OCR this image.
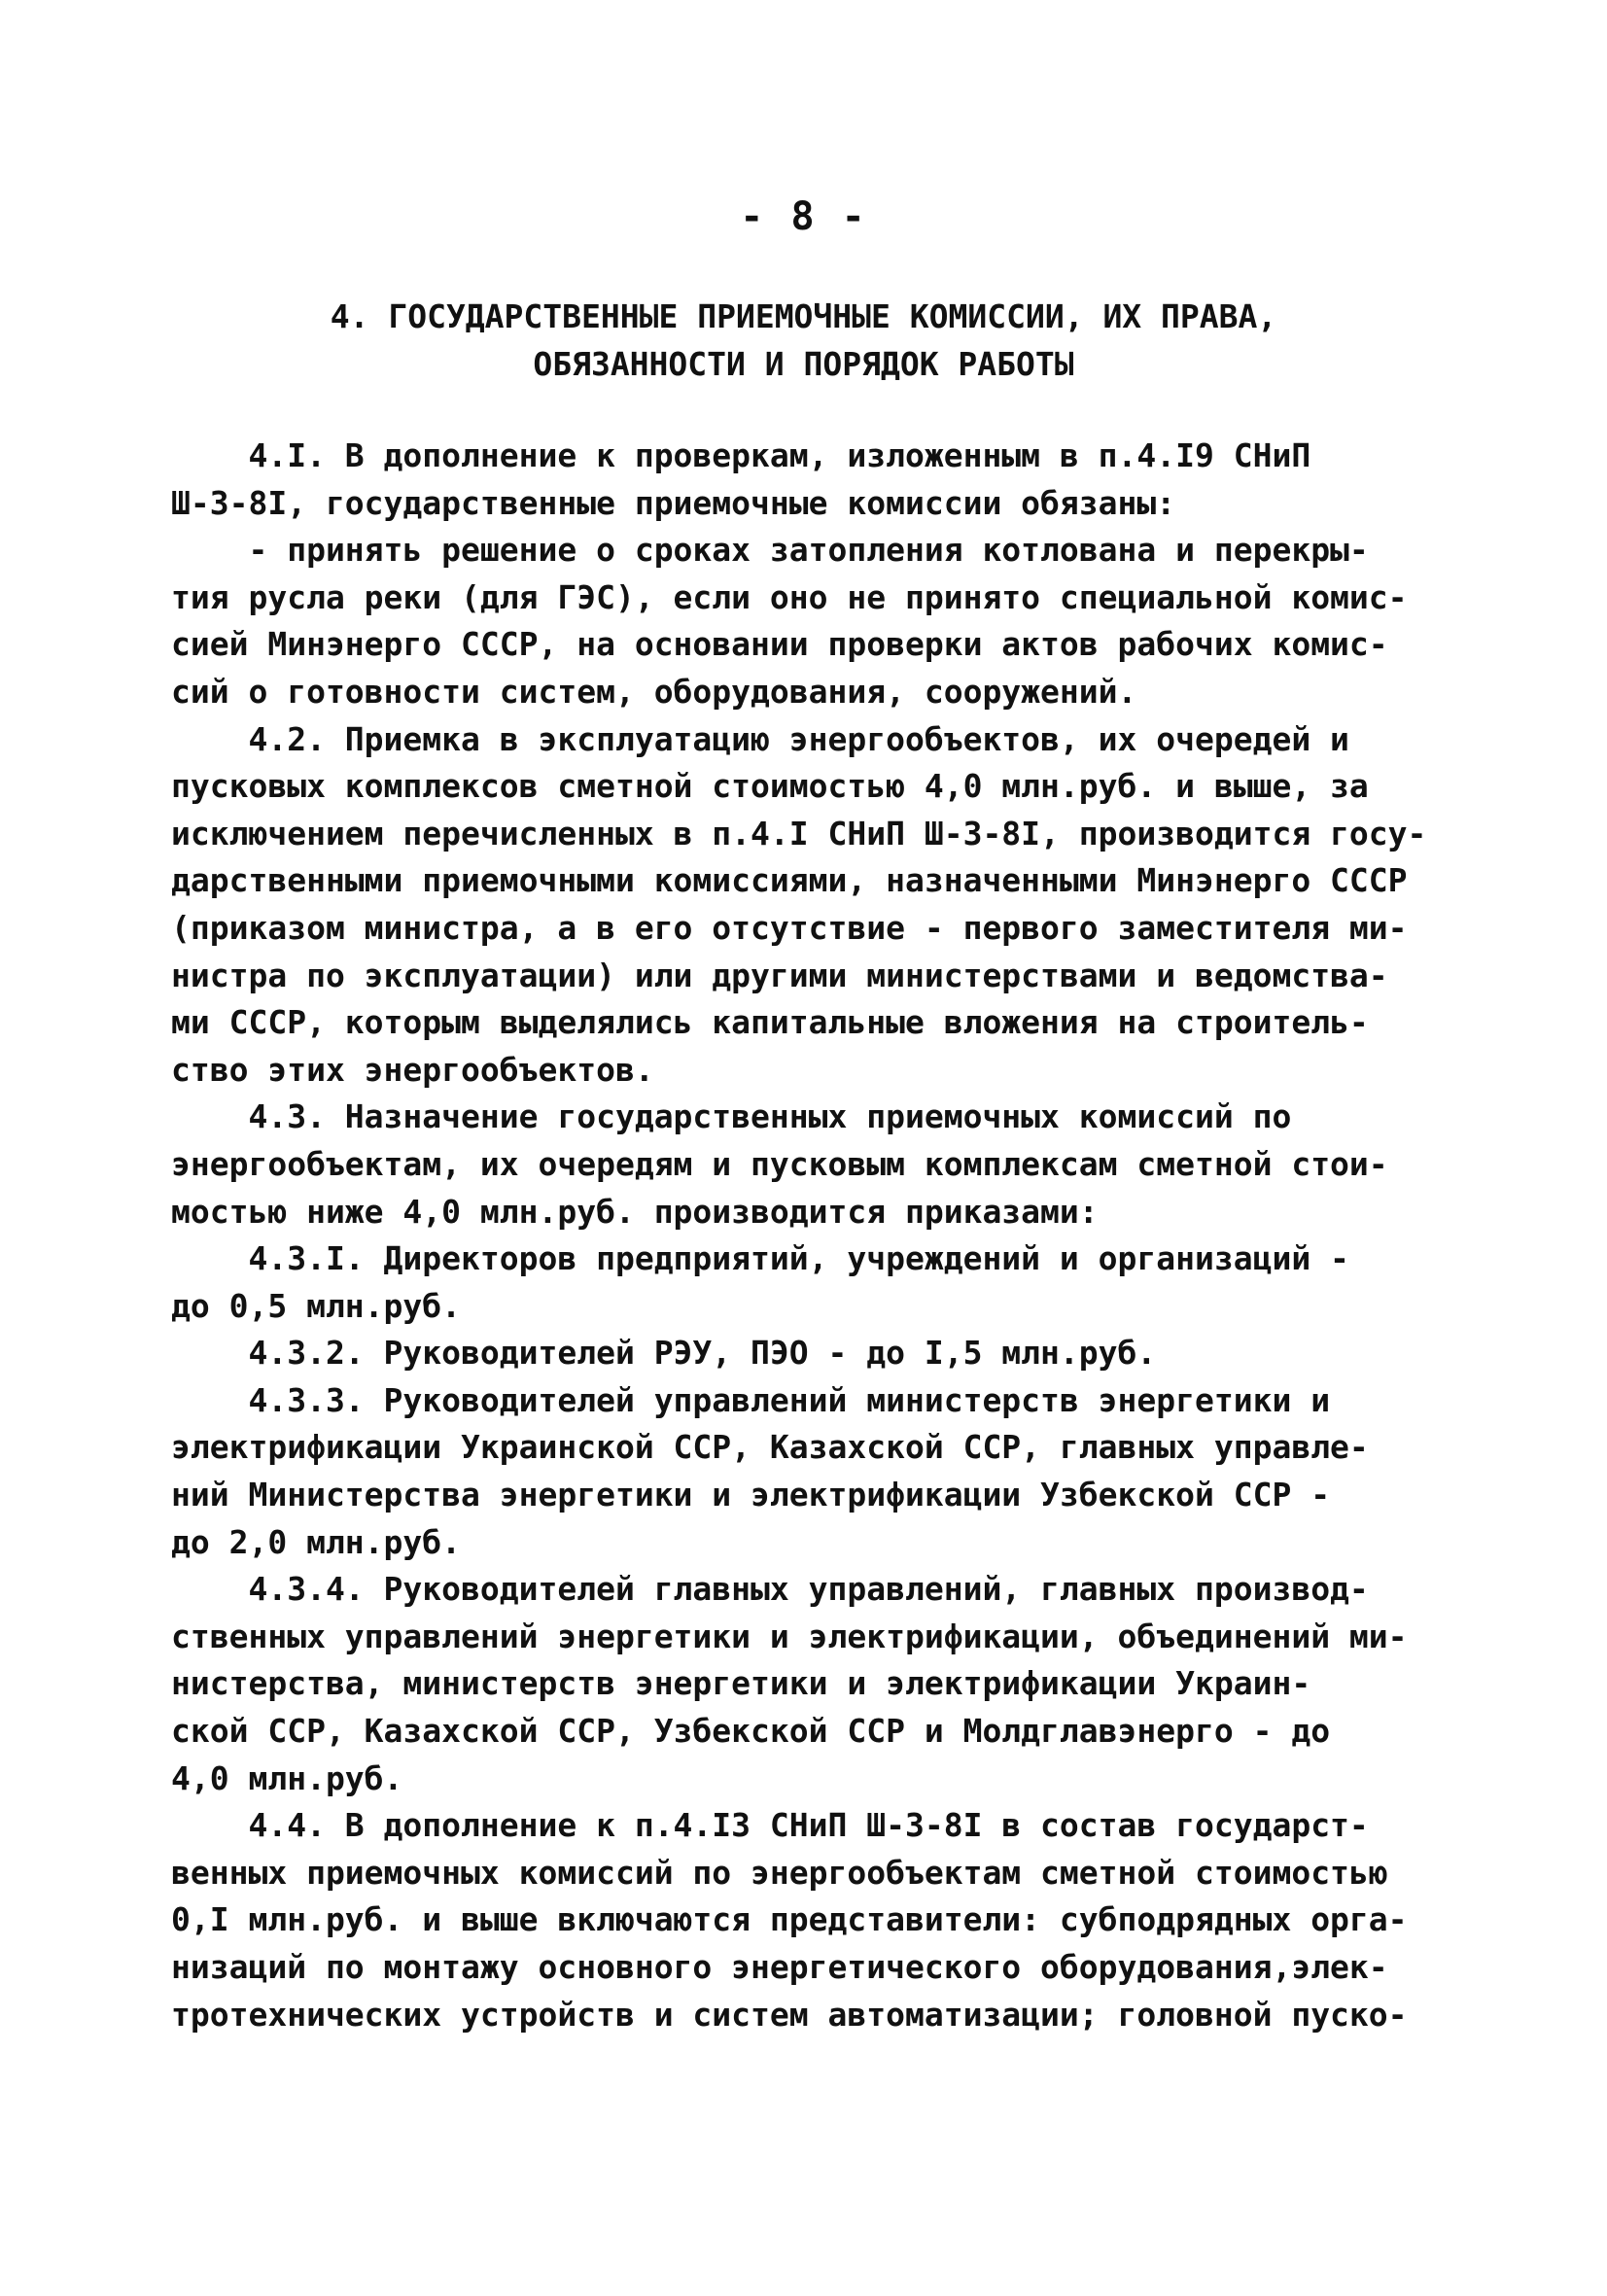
- 8 -
4. ГОСУДАРСТВЕННЫЕ ПРИЕМОЧНЫЕ КОМИССИИ, ИХ ПРАВА,
ОБЯЗАННОСТИ И ПОРЯДОК РАБОТЫ
4.I. В дополнение к проверкам, изложенным в п.4.I9 СНиП
Ш-3-8I, государственные приемочные комиссии обязаны:
- принять решение о сроках затопления котлована и перекры-
тия русла реки (для ГЭС), если оно не принято специальной комис-
сией Минэнерго СССР, на основании проверки актов рабочих комис-
сий о готовности систем, оборудования, сооружений.
4.2. Приемка в эксплуатацию энергообъектов, их очередей и
пусковых комплексов сметной стоимостью 4,0 млн.руб. и выше, за
исключением перечисленных в п.4.I СНиП Ш-3-8I, производится госу-
дарственными приемочными комиссиями, назначенными Минэнерго СССР
(приказом министра, а в его отсутствие - первого заместителя ми-
нистра по эксплуатации) или другими министерствами и ведомства-
ми СССР, которым выделялись капитальные вложения на строитель-
ство этих энергообъектов.
4.3. Назначение государственных приемочных комиссий по
энергообъектам, их очередям и пусковым комплексам сметной стои-
мостью ниже 4,0 млн.руб. производится приказами:
4.3.I. Директоров предприятий, учреждений и организаций -
до 0,5 млн.руб.
4.3.2. Руководителей РЭУ, ПЭО - до I,5 млн.руб.
4.3.3. Руководителей управлений министерств энергетики и
электрификации Украинской ССР, Казахской ССР, главных управле-
ний Министерства энергетики и электрификации Узбекской ССР -
до 2,0 млн.руб.
4.3.4. Руководителей главных управлений, главных производ-
ственных управлений энергетики и электрификации, объединений ми-
нистерства, министерств энергетики и электрификации Украин-
ской ССР, Казахской ССР, Узбекской ССР и Молдглавэнерго - до
4,0 млн.руб.
4.4. В дополнение к п.4.I3 СНиП Ш-3-8I в состав государст-
венных приемочных комиссий по энергообъектам сметной стоимостью
0,I млн.руб. и выше включаются представители: субподрядных орга-
низаций по монтажу основного энергетического оборудования,элек-
тротехнических устройств и систем автоматизации; головной пуско-
